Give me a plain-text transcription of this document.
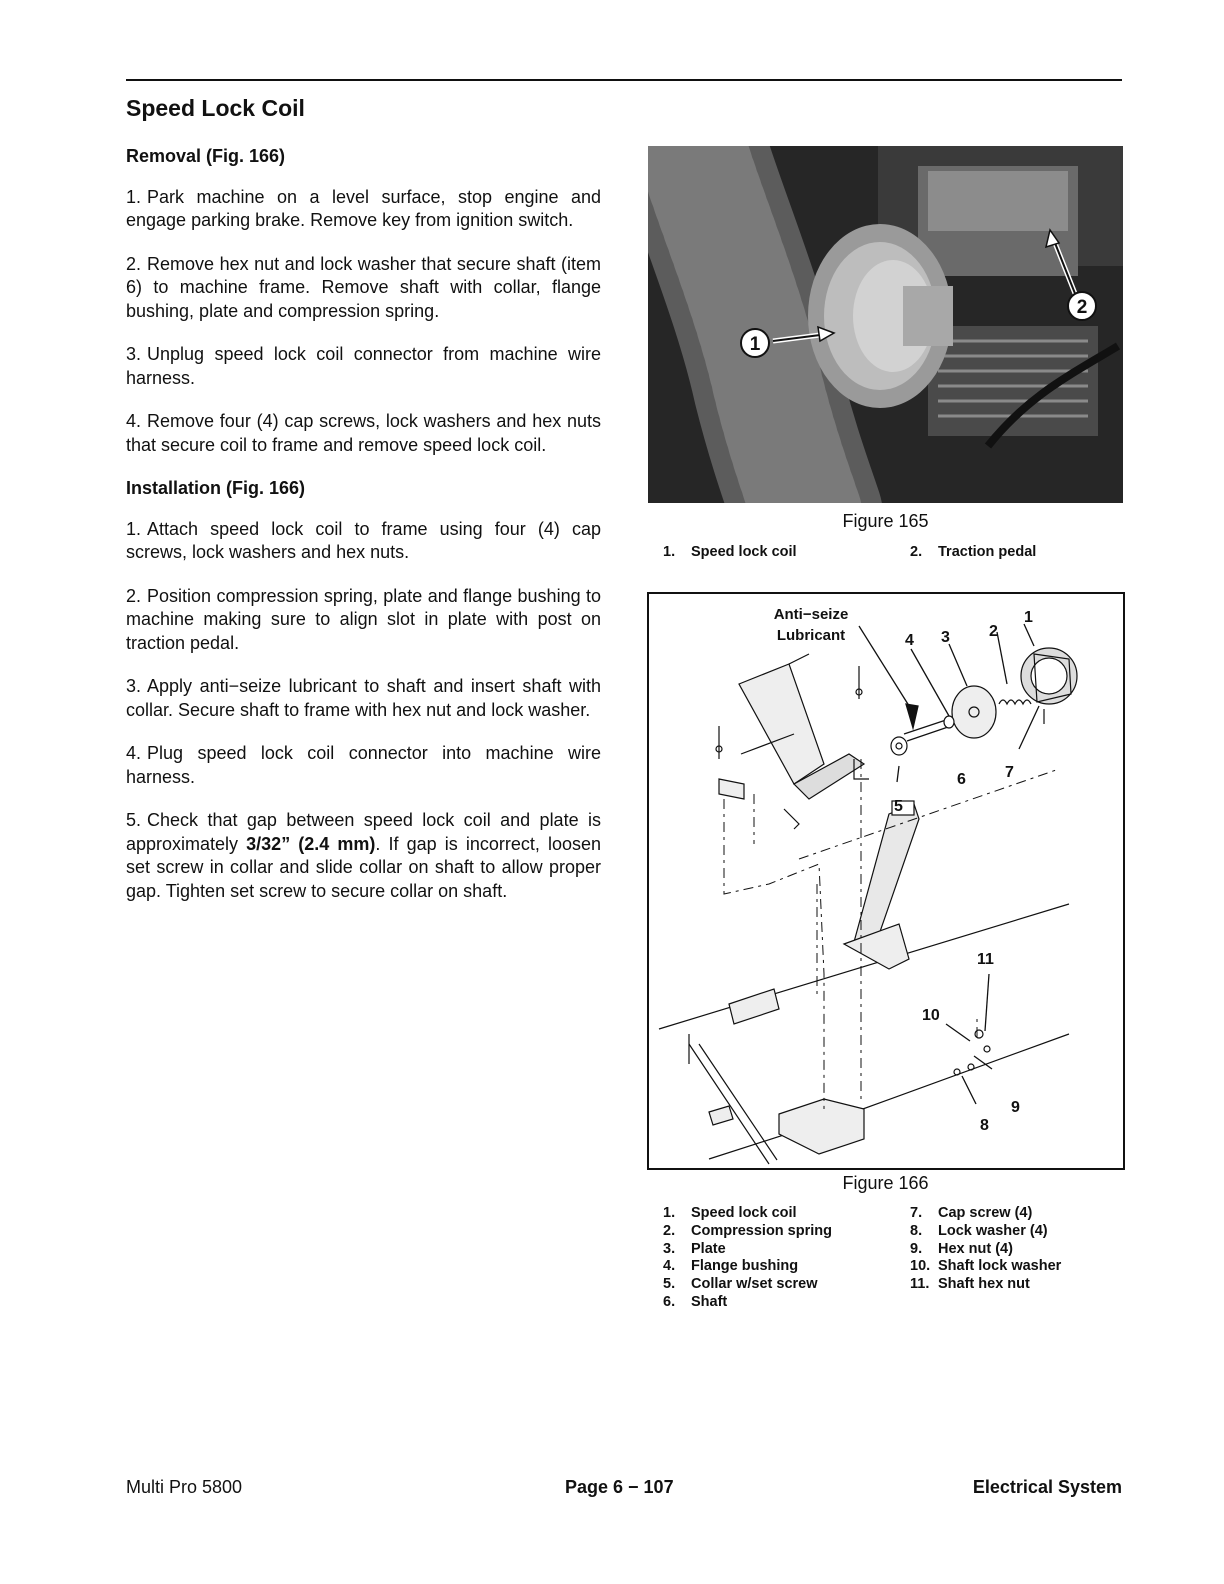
Speed Lock Coil
Removal (Fig. 166)

1. Park machine on a level surface, stop engine and engage parking brake. Remove key from ignition switch.

2. Remove hex nut and lock washer that secure shaft (item 6) to machine frame. Remove shaft with collar, flange bushing, plate and compression spring.

3. Unplug speed lock coil connector from machine wire harness.

4. Remove four (4) cap screws, lock washers and hex nuts that secure coil to frame and remove speed lock coil.

Installation (Fig. 166)

1. Attach speed lock coil to frame using four (4) cap screws, lock washers and hex nuts.

2. Position compression spring, plate and flange bushing to machine making sure to align slot in plate with post on traction pedal.

3. Apply anti−seize lubricant to shaft and insert shaft with collar. Secure shaft to frame with hex nut and lock washer.

4. Plug speed lock coil connector into machine wire harness.

5. Check that gap between speed lock coil and plate is approximately 3/32” (2.4 mm). If gap is incorrect, loosen set screw in collar and slide collar on shaft to allow proper gap. Tighten set screw to secure collar on shaft.

1
2
Figure 165
1. Speed lock coil	2. Traction pedal
Anti−seize
Lubricant
1
2
3
4
5
6 7
8
9
10
11
Figure 166
1. Speed lock coil
2. Compression spring
3. Plate
4. Flange bushing
5. Collar w/set screw
6. Shaft
7. Cap screw (4)
8. Lock washer (4)
9. Hex nut (4)
10. Shaft lock washer
11. Shaft hex nut
Multi Pro 5800	Page 6 − 107	Electrical System
